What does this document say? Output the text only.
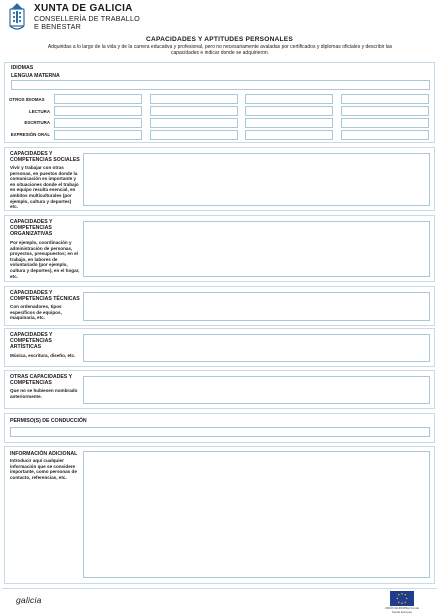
XUNTA DE GALICIA
CONSELLERÍA DE TRABALLO
E BENESTAR
CAPACIDADES Y APTITUDES PERSONALES
Adquiridas a lo largo de la vida y de la carrera educativa y profesional, pero no necesariamente avaladas por certificados y diplomas oficiales y describir las capacidades e indicar donde se adquirieron.
IDIOMAS
LENGUA MATERNA
OTROS IDIOMAS
LECTURA
ESCRITURA
EXPRESIÓN ORAL
CAPACIDADES Y COMPETENCIAS SOCIALES
Vivir y trabajar con otras personas, en puestos donde la comunicación es importante y en situaciones donde el trabajo en equipo resulta esencial, en ambitos multiculturales (por ejemplo, cultura y deportes) etc.
CAPACIDADES Y COMPETENCIAS ORGANIZATIVAS
Por ejemplo, coordinación y administración de personas, proyectos, presupuestos; en el trabajo, en labores de voluntariado (por ejemplo, cultura y deportes), en el hogar, etc.
CAPACIDADES Y COMPETENCIAS TÉCNICAS
Con ordenadores, tipos específicos de equipos, maquinaria, etc.
CAPACIDADES Y COMPETENCIAS ARTÍSTICAS
Música, escritura, diseño, etc.
OTRAS CAPACIDADES Y COMPETENCIAS
Que no se hubiesen nombrado anteriormente.
PERMISO(S) DE CONDUCCIÓN
INFORMACIÓN ADICIONAL
Introducir aquí cualquier información que se considere importante, como personas de contacto, referencias, etc.
galicia
UNIÓN EUROPEA Fondo Social Europeo
